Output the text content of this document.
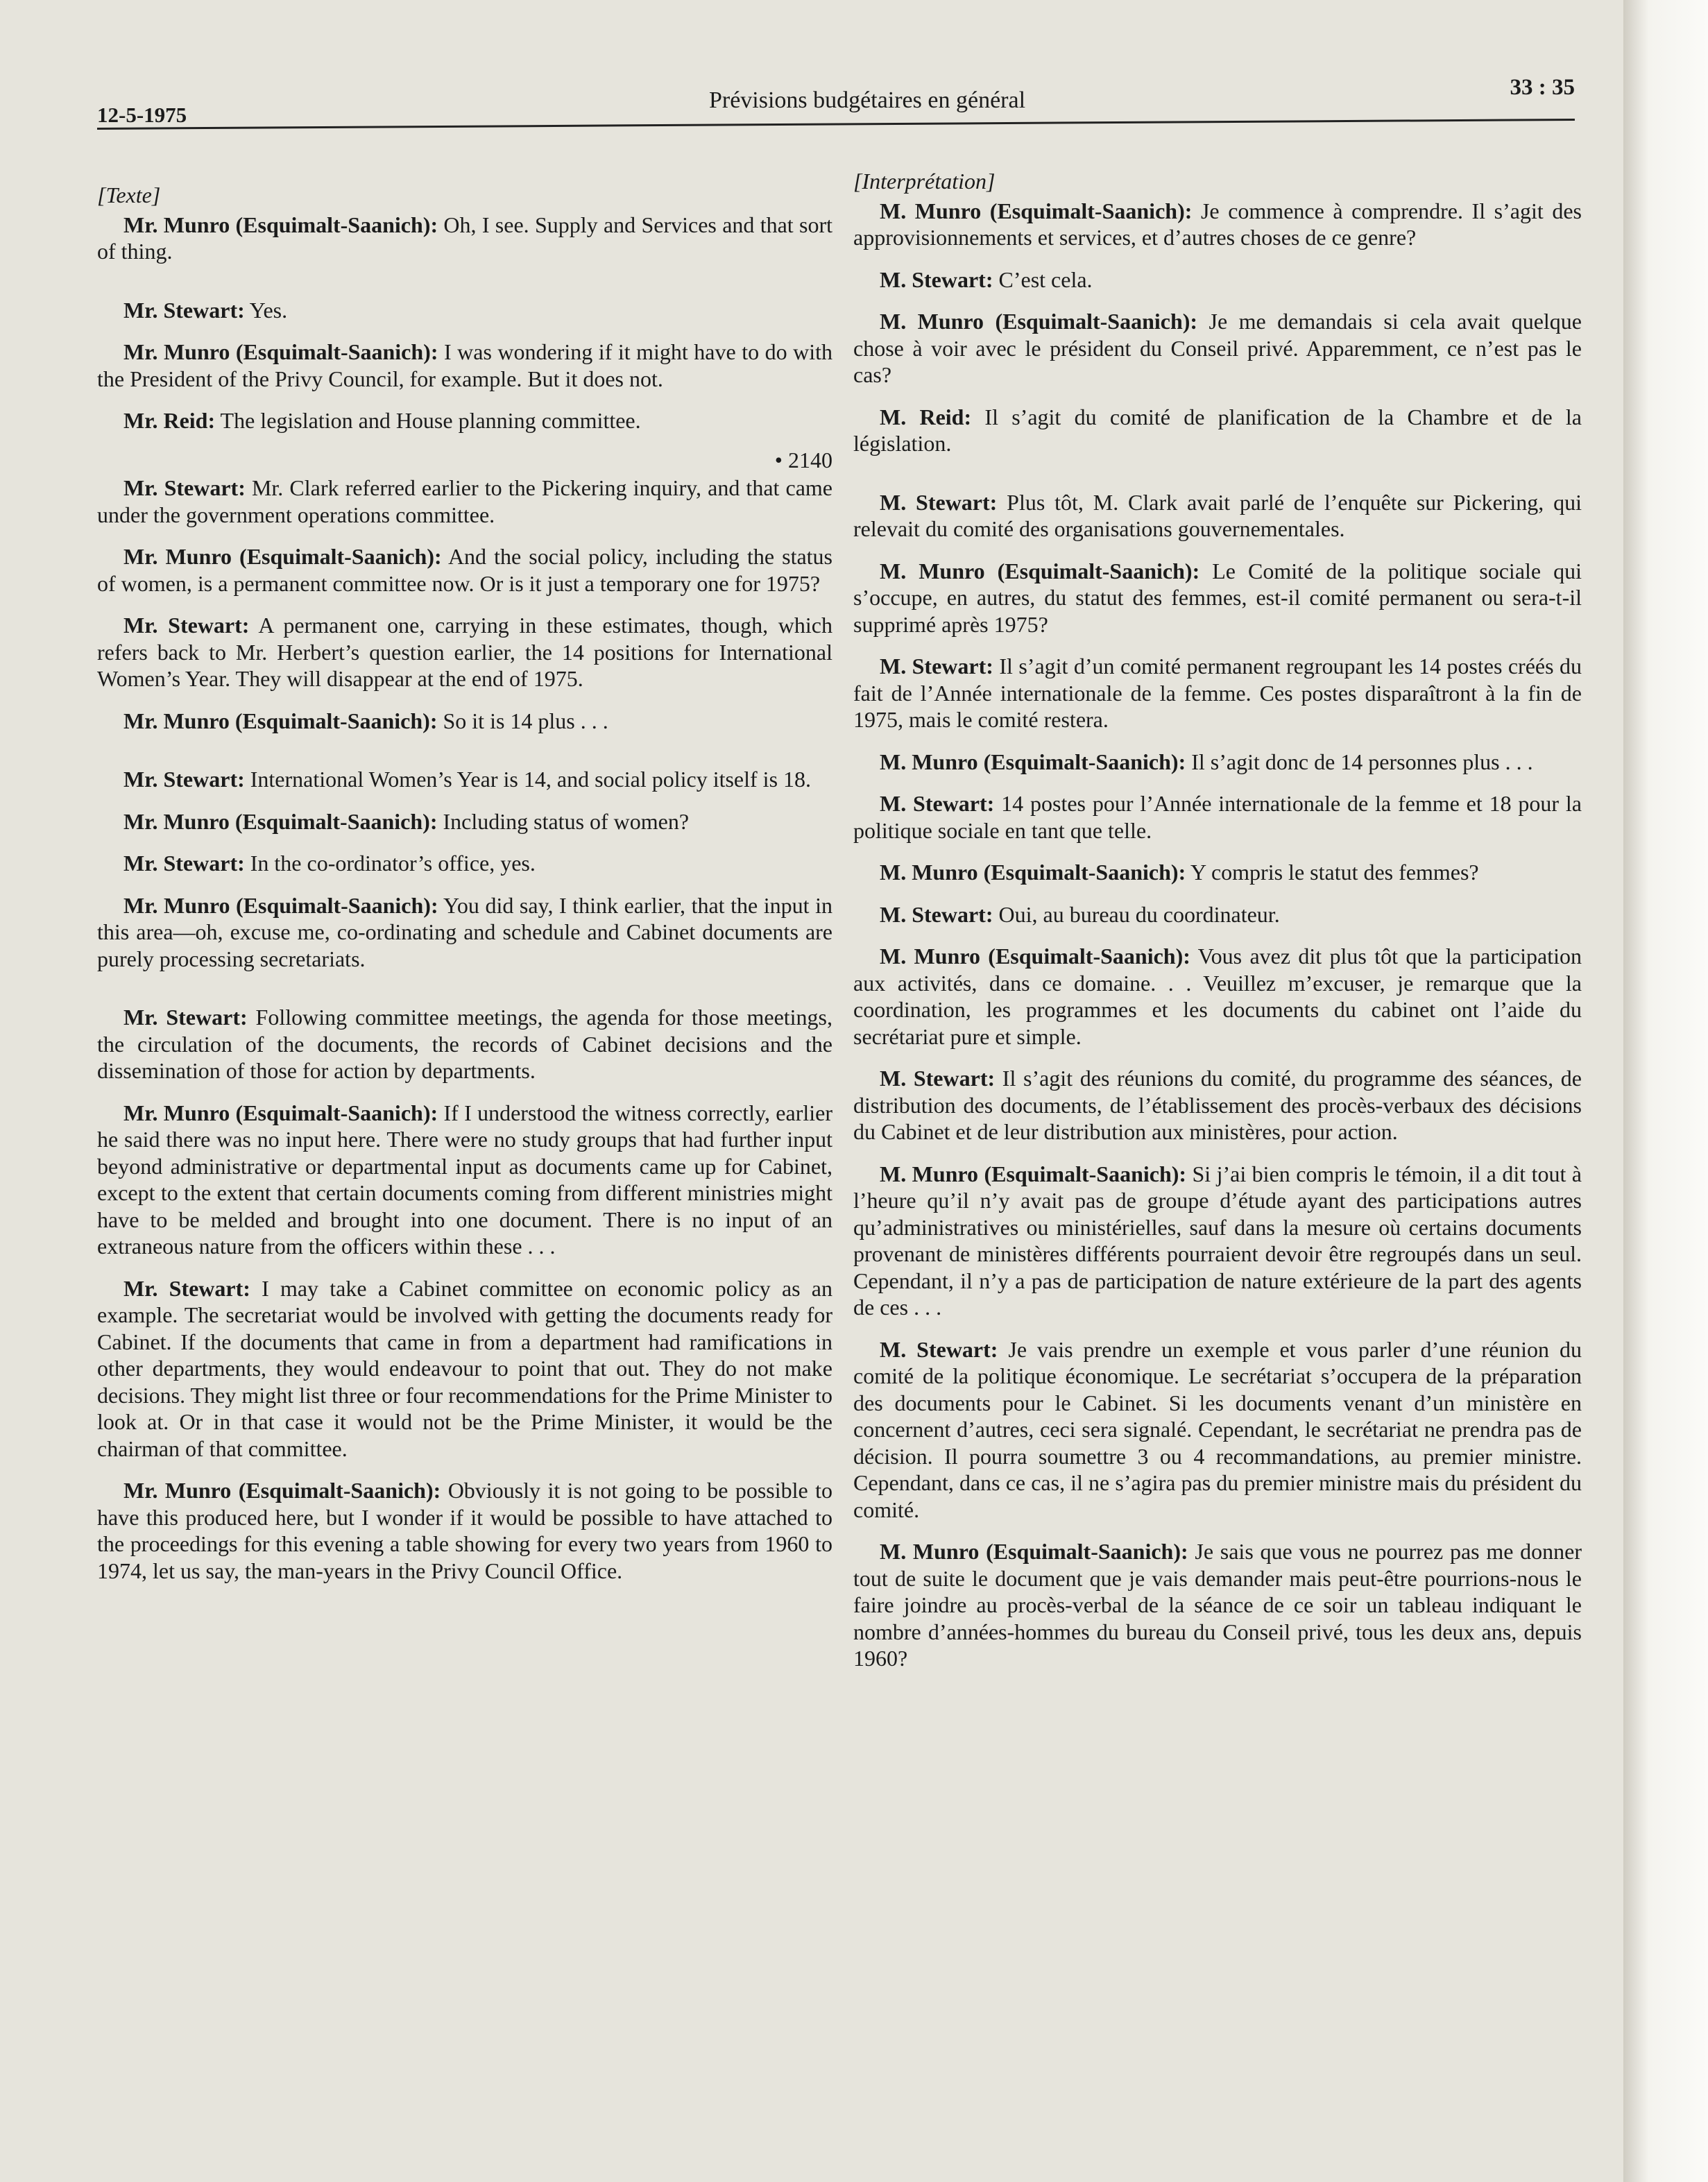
12-5-1975
Prévisions budgétaires en général	33 : 35
[Texte]

Mr. Munro (Esquimalt-Saanich): Oh, I see. Supply and Services and that sort of thing.

Mr. Stewart: Yes.

Mr. Munro (Esquimalt-Saanich): I was wondering if it might have to do with the President of the Privy Council, for example. But it does not.

Mr. Reid: The legislation and House planning committee.

• 2140

Mr. Stewart: Mr. Clark referred earlier to the Pickering inquiry, and that came under the government operations committee.

Mr. Munro (Esquimalt-Saanich): And the social policy, including the status of women, is a permanent committee now. Or is it just a temporary one for 1975?

Mr. Stewart: A permanent one, carrying in these estimates, though, which refers back to Mr. Herbert’s question earlier, the 14 positions for International Women’s Year. They will disappear at the end of 1975.

Mr. Munro (Esquimalt-Saanich): So it is 14 plus . . .

Mr. Stewart: International Women’s Year is 14, and social policy itself is 18.

Mr. Munro (Esquimalt-Saanich): Including status of women?

Mr. Stewart: In the co-ordinator’s office, yes.

Mr. Munro (Esquimalt-Saanich): You did say, I think earlier, that the input in this area—oh, excuse me, co-ordinating and schedule and Cabinet documents are purely processing secretariats.

Mr. Stewart: Following committee meetings, the agenda for those meetings, the circulation of the documents, the records of Cabinet decisions and the dissemination of those for action by departments.

Mr. Munro (Esquimalt-Saanich): If I understood the witness correctly, earlier he said there was no input here. There were no study groups that had further input beyond administrative or departmental input as documents came up for Cabinet, except to the extent that certain documents coming from different ministries might have to be melded and brought into one document. There is no input of an extraneous nature from the officers within these . . .

Mr. Stewart: I may take a Cabinet committee on economic policy as an example. The secretariat would be involved with getting the documents ready for Cabinet. If the documents that came in from a department had ramifications in other departments, they would endeavour to point that out. They do not make decisions. They might list three or four recommendations for the Prime Minister to look at. Or in that case it would not be the Prime Minister, it would be the chairman of that committee.

Mr. Munro (Esquimalt-Saanich): Obviously it is not going to be possible to have this produced here, but I wonder if it would be possible to have attached to the proceedings for this evening a table showing for every two years from 1960 to 1974, let us say, the man-years in the Privy Council Office.

[Interprétation]

M. Munro (Esquimalt-Saanich): Je commence à comprendre. Il s’agit des approvisionnements et services, et d’autres choses de ce genre?

M. Stewart: C’est cela.

M. Munro (Esquimalt-Saanich): Je me demandais si cela avait quelque chose à voir avec le président du Conseil privé. Apparemment, ce n’est pas le cas?

M. Reid: Il s’agit du comité de planification de la Chambre et de la législation.

M. Stewart: Plus tôt, M. Clark avait parlé de l’enquête sur Pickering, qui relevait du comité des organisations gouvernementales.

M. Munro (Esquimalt-Saanich): Le Comité de la politique sociale qui s’occupe, en autres, du statut des femmes, est-il comité permanent ou sera-t-il supprimé après 1975?

M. Stewart: Il s’agit d’un comité permanent regroupant les 14 postes créés du fait de l’Année internationale de la femme. Ces postes disparaîtront à la fin de 1975, mais le comité restera.

M. Munro (Esquimalt-Saanich): Il s’agit donc de 14 personnes plus . . .

M. Stewart: 14 postes pour l’Année internationale de la femme et 18 pour la politique sociale en tant que telle.

M. Munro (Esquimalt-Saanich): Y compris le statut des femmes?

M. Stewart: Oui, au bureau du coordinateur.

M. Munro (Esquimalt-Saanich): Vous avez dit plus tôt que la participation aux activités, dans ce domaine. . . Veuillez m’excuser, je remarque que la coordination, les programmes et les documents du cabinet ont l’aide du secrétariat pure et simple.

M. Stewart: Il s’agit des réunions du comité, du programme des séances, de distribution des documents, de l’établissement des procès-verbaux des décisions du Cabinet et de leur distribution aux ministères, pour action.

M. Munro (Esquimalt-Saanich): Si j’ai bien compris le témoin, il a dit tout à l’heure qu’il n’y avait pas de groupe d’étude ayant des participations autres qu’administratives ou ministérielles, sauf dans la mesure où certains documents provenant de ministères différents pourraient devoir être regroupés dans un seul. Cependant, il n’y a pas de participation de nature extérieure de la part des agents de ces . . .

M. Stewart: Je vais prendre un exemple et vous parler d’une réunion du comité de la politique économique. Le secrétariat s’occupera de la préparation des documents pour le Cabinet. Si les documents venant d’un ministère en concernent d’autres, ceci sera signalé. Cependant, le secrétariat ne prendra pas de décision. Il pourra soumettre 3 ou 4 recommandations, au premier ministre. Cependant, dans ce cas, il ne s’agira pas du premier ministre mais du président du comité.

M. Munro (Esquimalt-Saanich): Je sais que vous ne pourrez pas me donner tout de suite le document que je vais demander mais peut-être pourrions-nous le faire joindre au procès-verbal de la séance de ce soir un tableau indiquant le nombre d’années-hommes du bureau du Conseil privé, tous les deux ans, depuis 1960?
